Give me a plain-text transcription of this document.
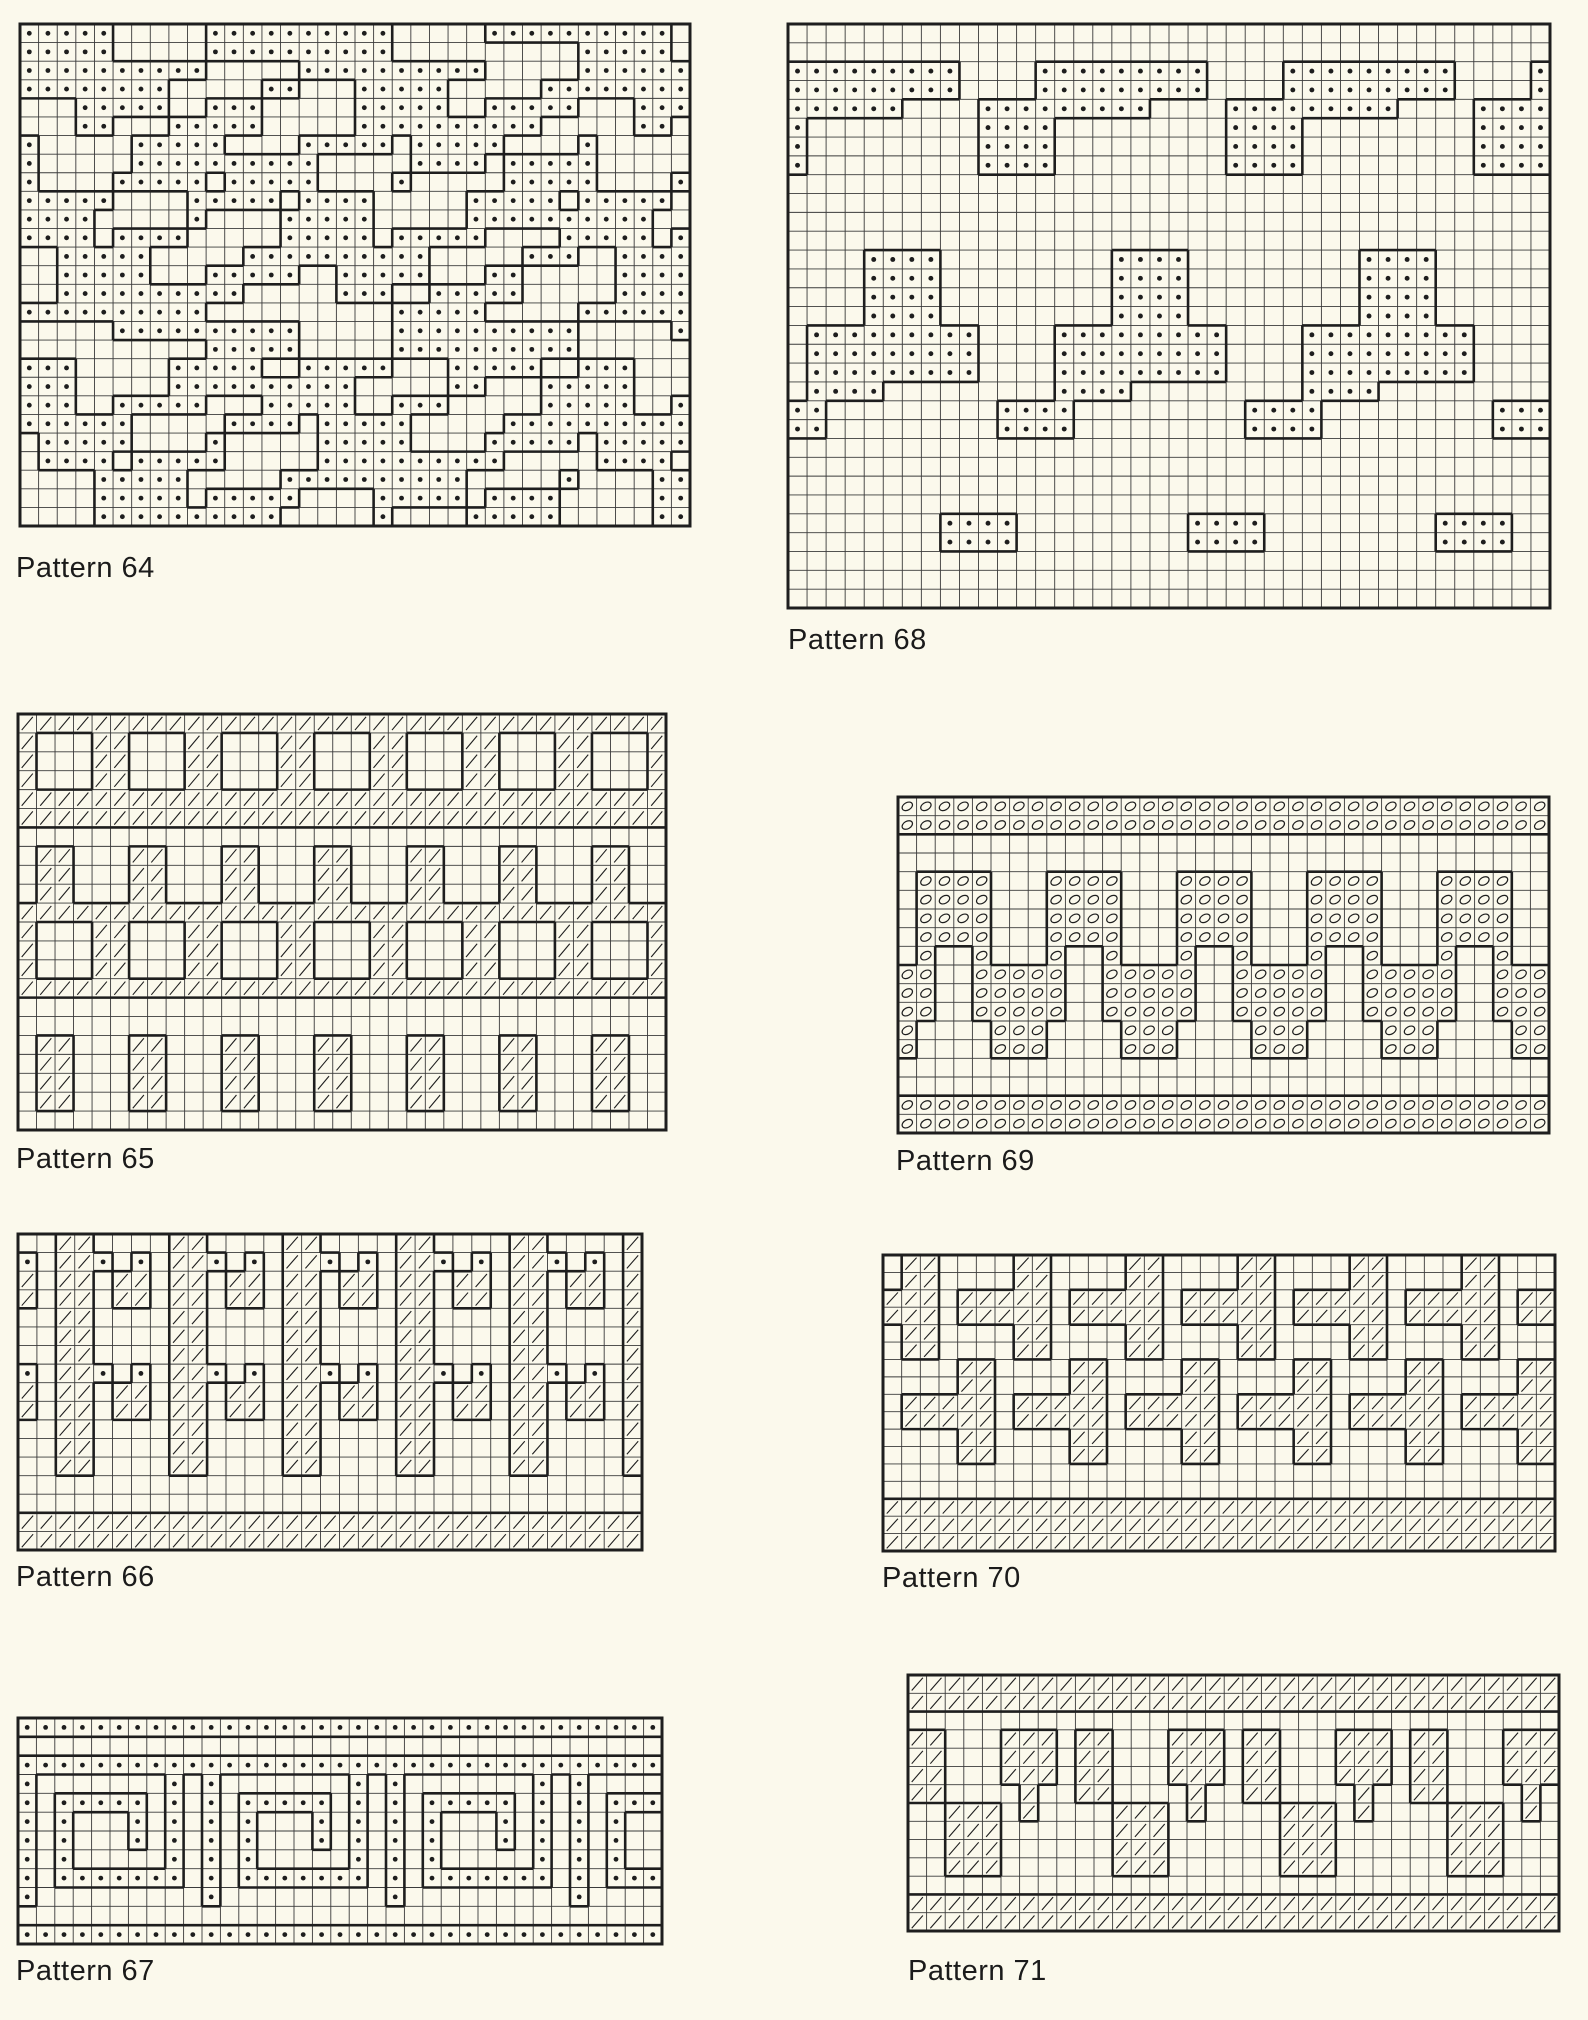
Pattern 64
Pattern 68
Pattern 65	Pattern 69
Pattern 66	Pattern 70
Pattern 67	Pattern 71
